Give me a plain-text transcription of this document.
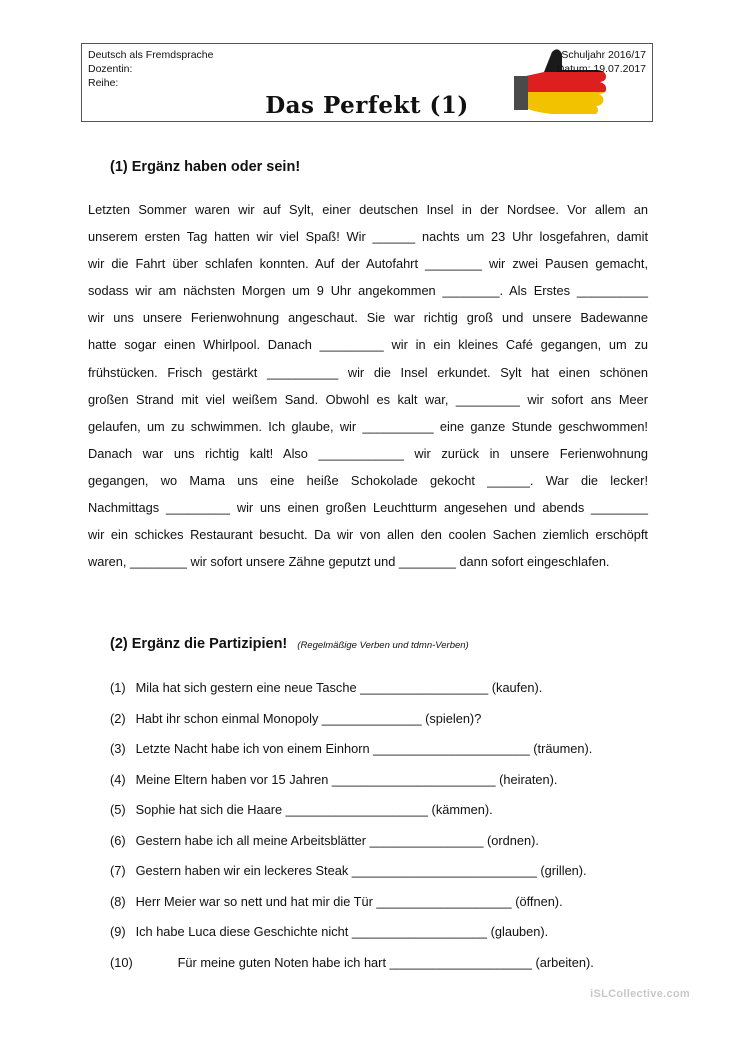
Deutsch als Fremdsprache
Dozentin:
Reihe:
Schuljahr 2016/17
Datum: 19.07.2017
Das Perfekt (1)
(1) Ergänz haben oder sein!
Letzten Sommer waren wir auf Sylt, einer deutschen Insel in der Nordsee. Vor allem an
unserem ersten Tag hatten wir viel Spaß! Wir ______ nachts um 23 Uhr losgefahren, damit
wir die Fahrt über schlafen konnten. Auf der Autofahrt ________ wir zwei Pausen gemacht,
sodass wir am nächsten Morgen um 9 Uhr angekommen ________. Als Erstes __________
wir uns unsere Ferienwohnung angeschaut. Sie war richtig groß und unsere Badewanne
hatte sogar einen Whirlpool. Danach _________ wir in ein kleines Café gegangen, um zu
frühstücken. Frisch gestärkt __________ wir die Insel erkundet. Sylt hat einen schönen
großen Strand mit viel weißem Sand. Obwohl es kalt war, _________ wir sofort ans Meer
gelaufen, um zu schwimmen. Ich glaube, wir __________ eine ganze Stunde geschwommen!
Danach war uns richtig kalt! Also ____________ wir zurück in unsere Ferienwohnung
gegangen, wo Mama uns eine heiße Schokolade gekocht ______. War die lecker!
Nachmittags _________ wir uns einen großen Leuchtturm angesehen und abends ________
wir ein schickes Restaurant besucht. Da wir von allen den coolen Sachen ziemlich erschöpft
waren, ________ wir sofort unsere Zähne geputzt und ________ dann sofort eingeschlafen.
(2) Ergänz die Partizipien! (Regelmäßige Verben und tdmn-Verben)
(1) Mila hat sich gestern eine neue Tasche __________________ (kaufen).
(2) Habt ihr schon einmal Monopoly ______________ (spielen)?
(3) Letzte Nacht habe ich von einem Einhorn ______________________ (träumen).
(4) Meine Eltern haben vor 15 Jahren _______________________ (heiraten).
(5) Sophie hat sich die Haare ____________________ (kämmen).
(6) Gestern habe ich all meine Arbeitsblätter ________________ (ordnen).
(7) Gestern haben wir ein leckeres Steak __________________________ (grillen).
(8) Herr Meier war so nett und hat mir die Tür ___________________ (öffnen).
(9) Ich habe Luca diese Geschichte nicht ___________________ (glauben).
(10)	Für meine guten Noten habe ich hart ____________________ (arbeiten).
iSLCollective.com
